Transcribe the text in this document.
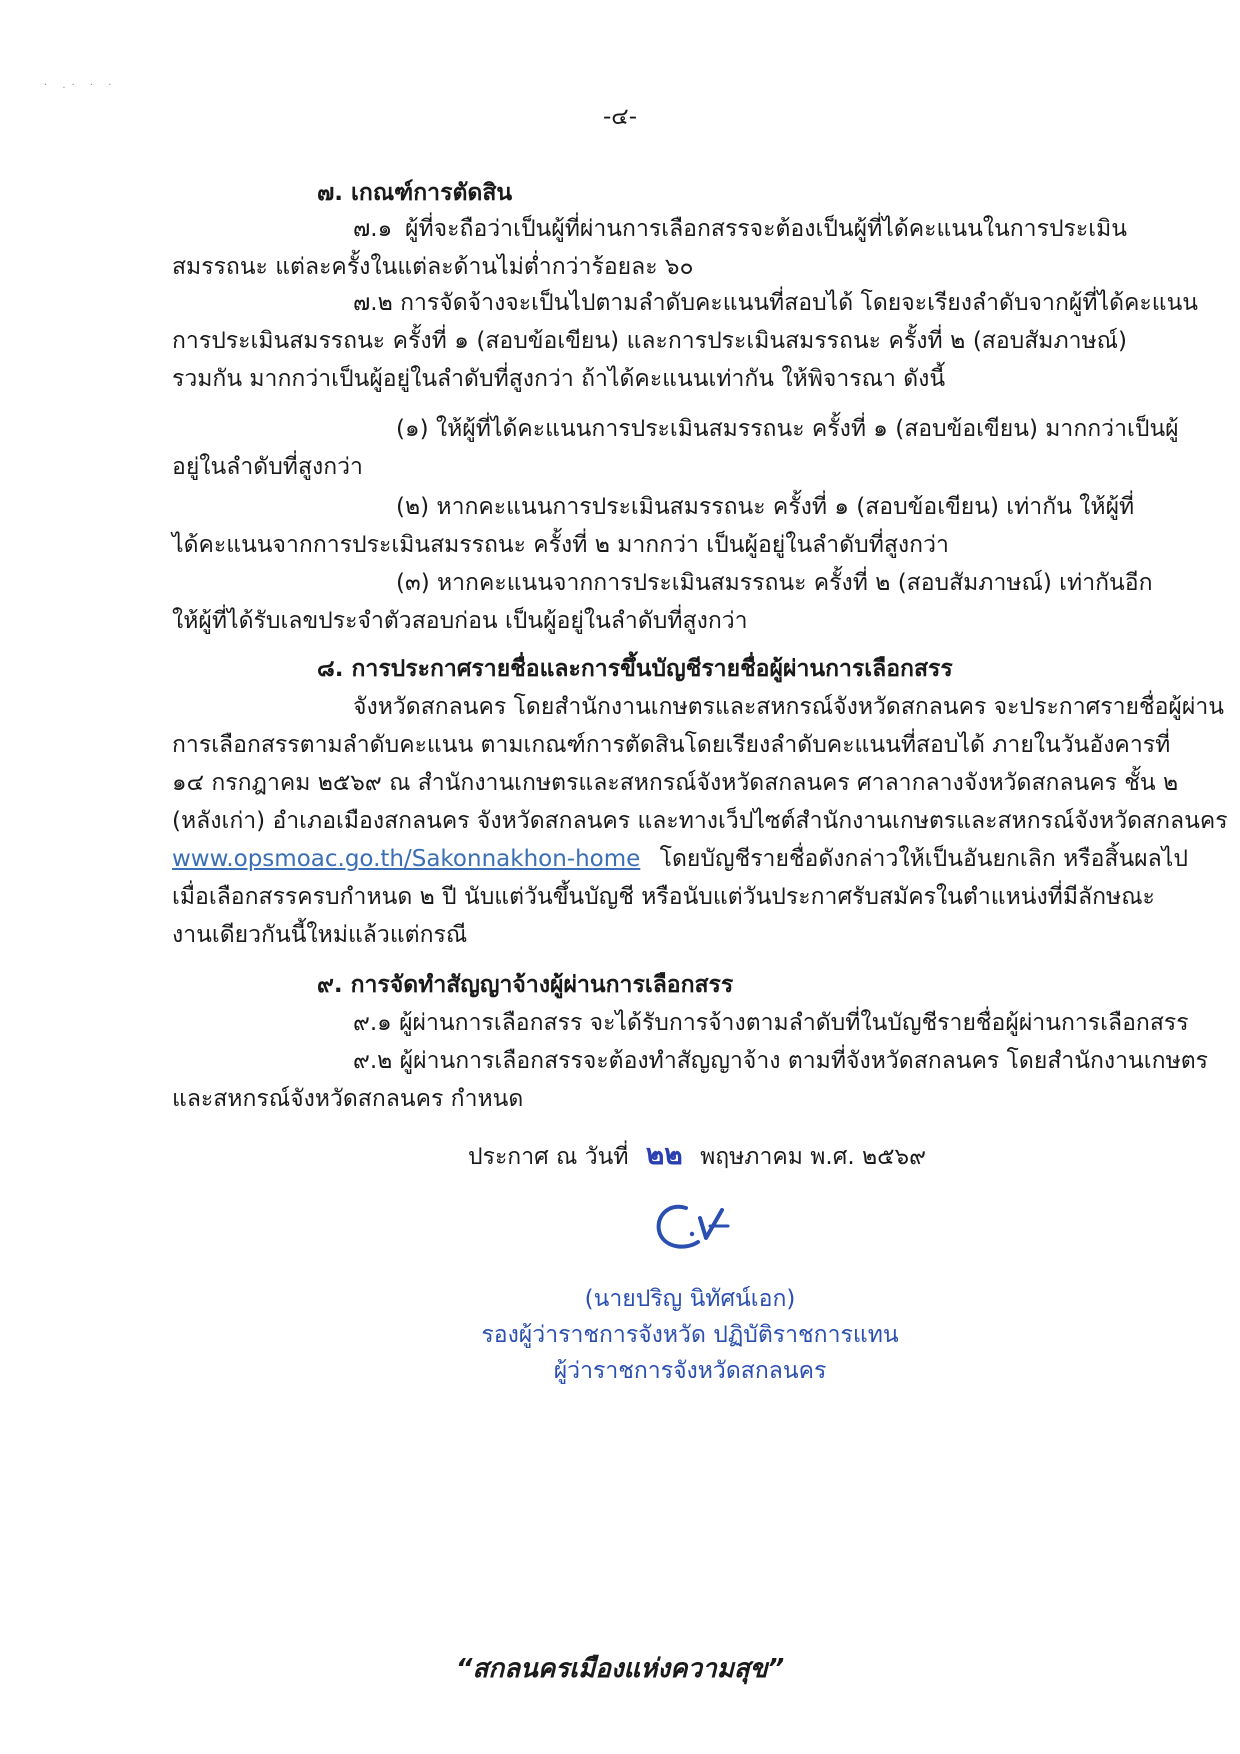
· .· · ·
-๔-
๗. เกณฑ์การตัดสิน
๗.๑ ผู้ที่จะถือว่าเป็นผู้ที่ผ่านการเลือกสรรจะต้องเป็นผู้ที่ได้คะแนนในการประเมิน
สมรรถนะ แต่ละครั้งในแต่ละด้านไม่ต่ำกว่าร้อยละ ๖๐
๗.๒ การจัดจ้างจะเป็นไปตามลำดับคะแนนที่สอบได้ โดยจะเรียงลำดับจากผู้ที่ได้คะแนน
การประเมินสมรรถนะ ครั้งที่ ๑ (สอบข้อเขียน) และการประเมินสมรรถนะ ครั้งที่ ๒ (สอบสัมภาษณ์)
รวมกัน มากกว่าเป็นผู้อยู่ในลำดับที่สูงกว่า ถ้าได้คะแนนเท่ากัน ให้พิจารณา ดังนี้
(๑) ให้ผู้ที่ได้คะแนนการประเมินสมรรถนะ ครั้งที่ ๑ (สอบข้อเขียน) มากกว่าเป็นผู้
อยู่ในลำดับที่สูงกว่า
(๒) หากคะแนนการประเมินสมรรถนะ ครั้งที่ ๑ (สอบข้อเขียน) เท่ากัน ให้ผู้ที่
ได้คะแนนจากการประเมินสมรรถนะ ครั้งที่ ๒ มากกว่า เป็นผู้อยู่ในลำดับที่สูงกว่า
(๓) หากคะแนนจากการประเมินสมรรถนะ ครั้งที่ ๒ (สอบสัมภาษณ์) เท่ากันอีก
ให้ผู้ที่ได้รับเลขประจำตัวสอบก่อน เป็นผู้อยู่ในลำดับที่สูงกว่า
๘. การประกาศรายชื่อและการขึ้นบัญชีรายชื่อผู้ผ่านการเลือกสรร
จังหวัดสกลนคร โดยสำนักงานเกษตรและสหกรณ์จังหวัดสกลนคร จะประกาศรายชื่อผู้ผ่าน
การเลือกสรรตามลำดับคะแนน ตามเกณฑ์การตัดสินโดยเรียงลำดับคะแนนที่สอบได้ ภายในวันอังคารที่
๑๔ กรกฎาคม ๒๕๖๙ ณ สำนักงานเกษตรและสหกรณ์จังหวัดสกลนคร ศาลากลางจังหวัดสกลนคร ชั้น ๒
(หลังเก่า) อำเภอเมืองสกลนคร จังหวัดสกลนคร และทางเว็ปไซต์สำนักงานเกษตรและสหกรณ์จังหวัดสกลนคร
www.opsmoac.go.th/Sakonnakhon-home โดยบัญชีรายชื่อดังกล่าวให้เป็นอันยกเลิก หรือสิ้นผลไป
เมื่อเลือกสรรครบกำหนด ๒ ปี นับแต่วันขึ้นบัญชี หรือนับแต่วันประกาศรับสมัครในตำแหน่งที่มีลักษณะ
งานเดียวกันนี้ใหม่แล้วแต่กรณี
๙. การจัดทำสัญญาจ้างผู้ผ่านการเลือกสรร
๙.๑ ผู้ผ่านการเลือกสรร จะได้รับการจ้างตามลำดับที่ในบัญชีรายชื่อผู้ผ่านการเลือกสรร
๙.๒ ผู้ผ่านการเลือกสรรจะต้องทำสัญญาจ้าง ตามที่จังหวัดสกลนคร โดยสำนักงานเกษตร
และสหกรณ์จังหวัดสกลนคร กำหนด
ประกาศ ณ วันที่ ๒๒ พฤษภาคม พ.ศ. ๒๕๖๙
(นายปริญ นิทัศน์เอก)
รองผู้ว่าราชการจังหวัด ปฏิบัติราชการแทน
ผู้ว่าราชการจังหวัดสกลนคร
“สกลนครเมืองแห่งความสุข”
